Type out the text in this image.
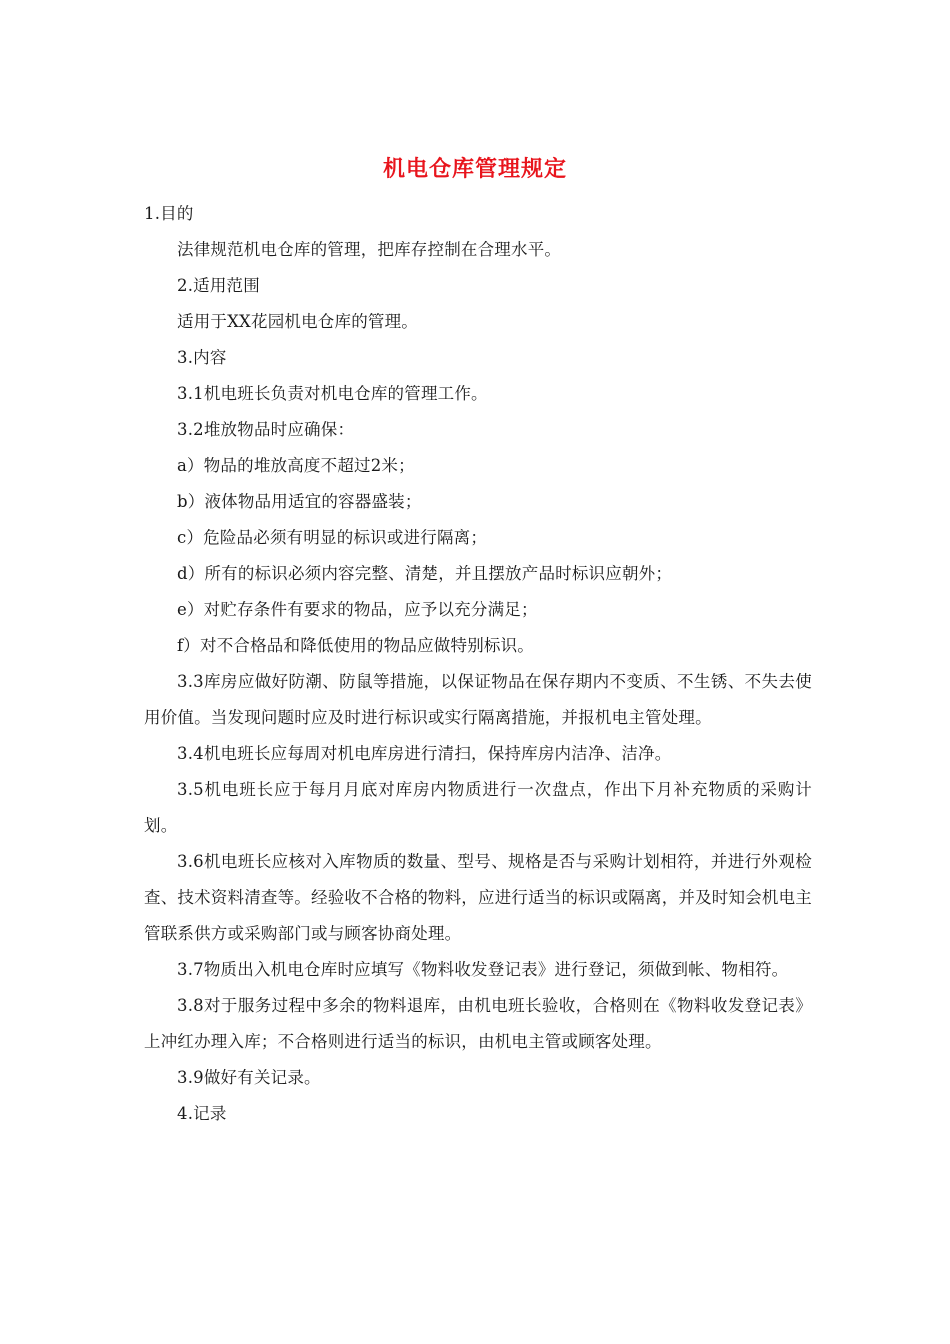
机电仓库管理规定

1.目的

法律规范机电仓库的管理，把库存控制在合理水平。

2.适用范围

适用于XX花园机电仓库的管理。

3.内容

3.1机电班长负责对机电仓库的管理工作。

3.2堆放物品时应确保：

a）物品的堆放高度不超过2米；

b）液体物品用适宜的容器盛装；

c）危险品必须有明显的标识或进行隔离；

d）所有的标识必须内容完整、清楚，并且摆放产品时标识应朝外；

e）对贮存条件有要求的物品，应予以充分满足；

f）对不合格品和降低使用的物品应做特别标识。

3.3库房应做好防潮、防鼠等措施，以保证物品在保存期内不变质、不生锈、不失去使用价值。当发现问题时应及时进行标识或实行隔离措施，并报机电主管处理。

3.4机电班长应每周对机电库房进行清扫，保持库房内洁净、洁净。

3.5机电班长应于每月月底对库房内物质进行一次盘点，作出下月补充物质的采购计划。

3.6机电班长应核对入库物质的数量、型号、规格是否与采购计划相符，并进行外观检查、技术资料清查等。经验收不合格的物料，应进行适当的标识或隔离，并及时知会机电主管联系供方或采购部门或与顾客协商处理。

3.7物质出入机电仓库时应填写《物料收发登记表》进行登记，须做到帐、物相符。

3.8对于服务过程中多余的物料退库，由机电班长验收，合格则在《物料收发登记表》上冲红办理入库；不合格则进行适当的标识，由机电主管或顾客处理。

3.9做好有关记录。

4.记录
